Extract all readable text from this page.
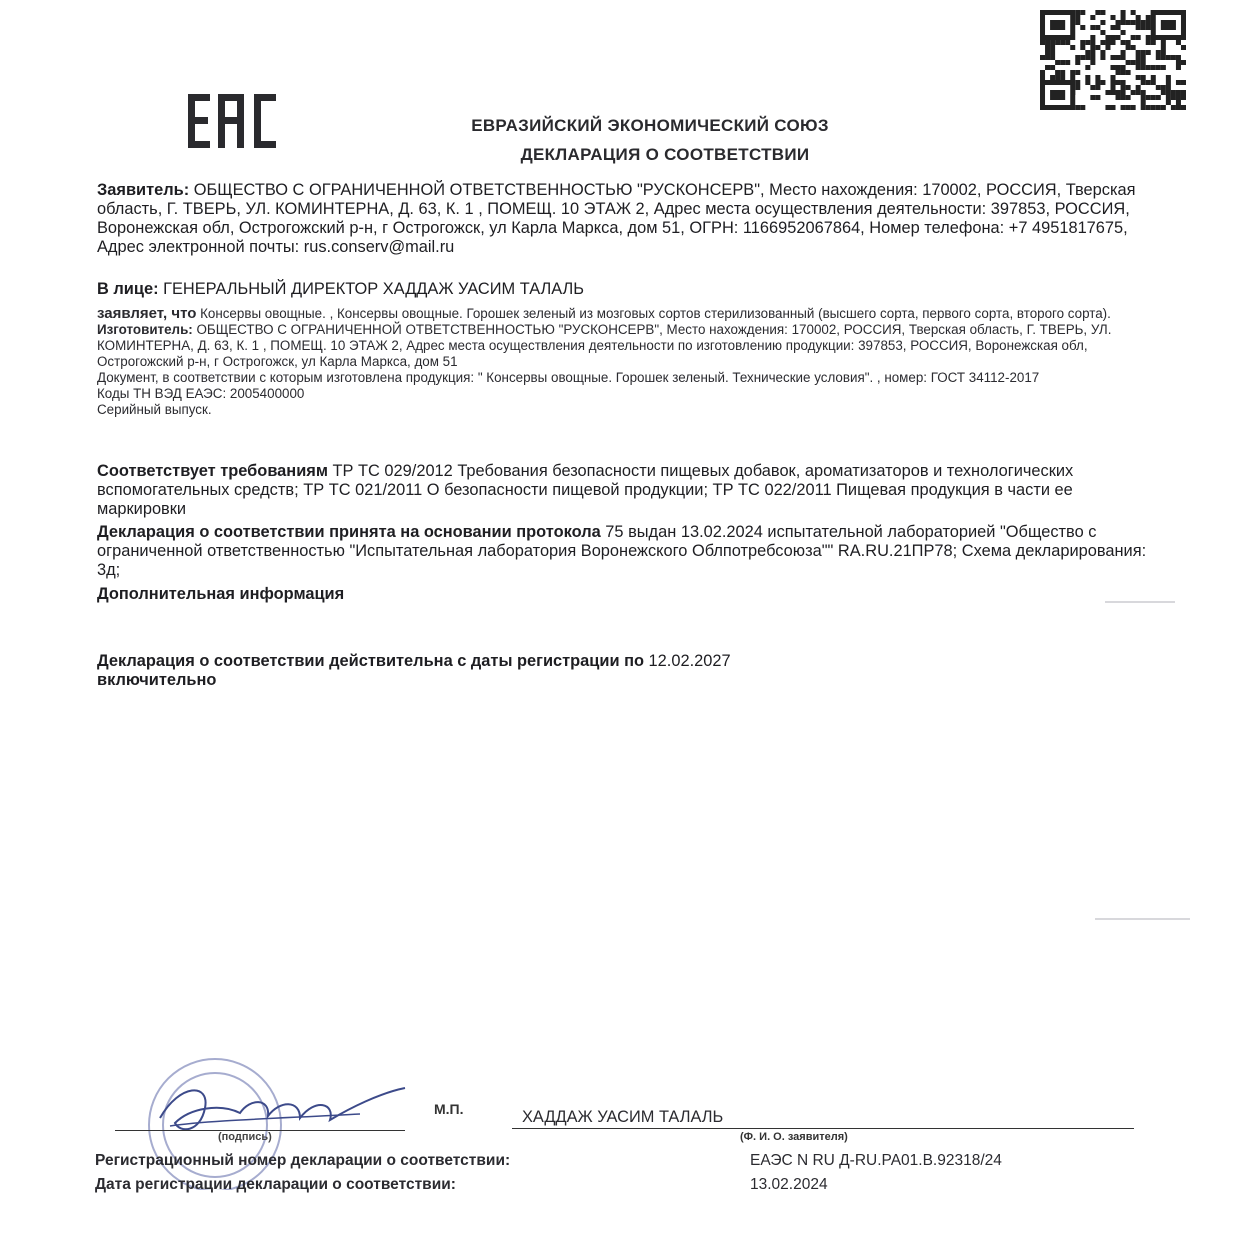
ЕВРАЗИЙСКИЙ ЭКОНОМИЧЕСКИЙ СОЮЗ
ДЕКЛАРАЦИЯ О СООТВЕТСТВИИ
Заявитель: ОБЩЕСТВО С ОГРАНИЧЕННОЙ ОТВЕТСТВЕННОСТЬЮ "РУСКОНСЕРВ", Место нахождения: 170002, РОССИЯ, Тверская область, Г. ТВЕРЬ, УЛ. КОМИНТЕРНА, Д. 63, К. 1 , ПОМЕЩ. 10 ЭТАЖ 2, Адрес места осуществления деятельности: 397853, РОССИЯ, Воронежская обл, Острогожский р-н, г Острогожск, ул Карла Маркса, дом 51, ОГРН: 1166952067864, Номер телефона: +7 4951817675, Адрес электронной почты: rus.conserv@mail.ru
В лице: ГЕНЕРАЛЬНЫЙ ДИРЕКТОР ХАДДАЖ УАСИМ ТАЛАЛЬ
заявляет, что Консервы овощные. , Консервы овощные. Горошек зеленый из мозговых сортов стерилизованный (высшего сорта, первого сорта, второго сорта).
Изготовитель: ОБЩЕСТВО С ОГРАНИЧЕННОЙ ОТВЕТСТВЕННОСТЬЮ "РУСКОНСЕРВ", Место нахождения: 170002, РОССИЯ, Тверская область, Г. ТВЕРЬ, УЛ. КОМИНТЕРНА, Д. 63, К. 1 , ПОМЕЩ. 10 ЭТАЖ 2, Адрес места осуществления деятельности по изготовлению продукции: 397853, РОССИЯ, Воронежская обл, Острогожский р-н, г Острогожск, ул Карла Маркса, дом 51
Документ, в соответствии с которым изготовлена продукция: " Консервы овощные. Горошек зеленый. Технические условия". , номер: ГОСТ 34112-2017
Коды ТН ВЭД ЕАЭС: 2005400000
Серийный выпуск.
Соответствует требованиям ТР ТС 029/2012 Требования безопасности пищевых добавок, ароматизаторов и технологических вспомогательных средств; ТР ТС 021/2011 О безопасности пищевой продукции; ТР ТС 022/2011 Пищевая продукция в части ее маркировки
Декларация о соответствии принята на основании протокола 75 выдан 13.02.2024 испытательной лабораторией "Общество с ограниченной ответственностью "Испытательная лаборатория Воронежского Облпотребсоюза"" RA.RU.21ПР78; Схема декларирования: 3д;
Дополнительная информация
Декларация о соответствии действительна с даты регистрации по 12.02.2027
включительно
М.П.	ХАДДАЖ УАСИМ ТАЛАЛЬ
(подпись)	(Ф. И. О. заявителя)
Регистрационный номер декларации о соответствии:	ЕАЭС N RU Д-RU.PA01.B.92318/24
Дата регистрации декларации о соответствии:	13.02.2024
